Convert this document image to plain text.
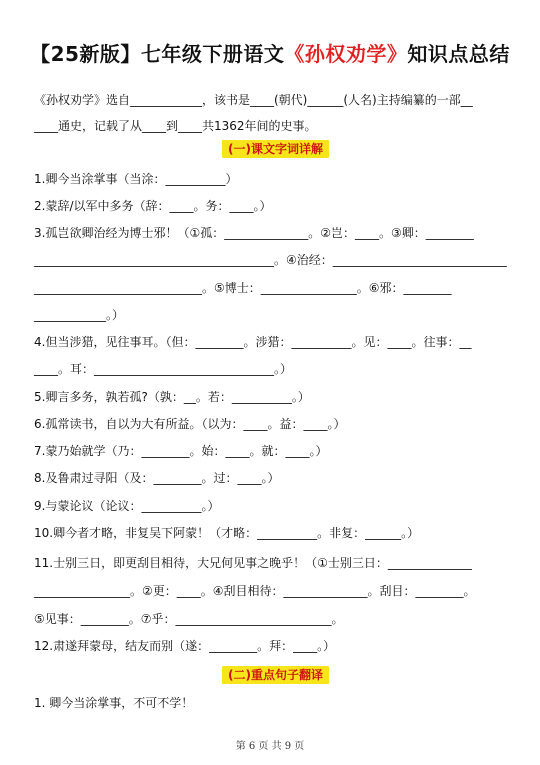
【25新版】七年级下册语文《孙权劝学》知识点总结
《孙权劝学》选自____________，该书是____(朝代)______(人名)主持编纂的一部__
____通史，记载了从____到____共1362年间的史事。
(一)课文字词详解
1.卿今当涂掌事（当涂：__________）
2.蒙辞/以军中多务（辞：____。务：____。）
3.孤岂欲卿治经为博士邪！（①孤：______________。②岂：____。③卿：________
________________________________________。④治经：_____________________________
____________________________。⑤博士：________________。⑥邪：________
____________。）
4.但当涉猎，见往事耳。（但：________。涉猎：__________。见：____。往事：__
____。耳：______________________________。）
5.卿言多务，孰若孤?（孰：__。若：__________。）
6.孤常读书，自以为大有所益。（以为：____。益：____。）
7.蒙乃始就学（乃：________。始：____。就：____。）
8.及鲁肃过寻阳（及：________。过：____。）
9.与蒙论议（论议：__________。）
10.卿今者才略，非复吴下阿蒙！（才略：__________。非复：______。）
11.士别三日，即更刮目相待，大兄何见事之晚乎！（①士别三日：______________
________________。②更：____。④刮目相待：______________。刮目：________。
⑤见事：________。⑦乎：__________________________。
12.肃遂拜蒙母，结友而别（遂：________。拜：____。）
(二)重点句子翻译
1. 卿今当涂掌事，不可不学！
第 6 页 共 9 页
